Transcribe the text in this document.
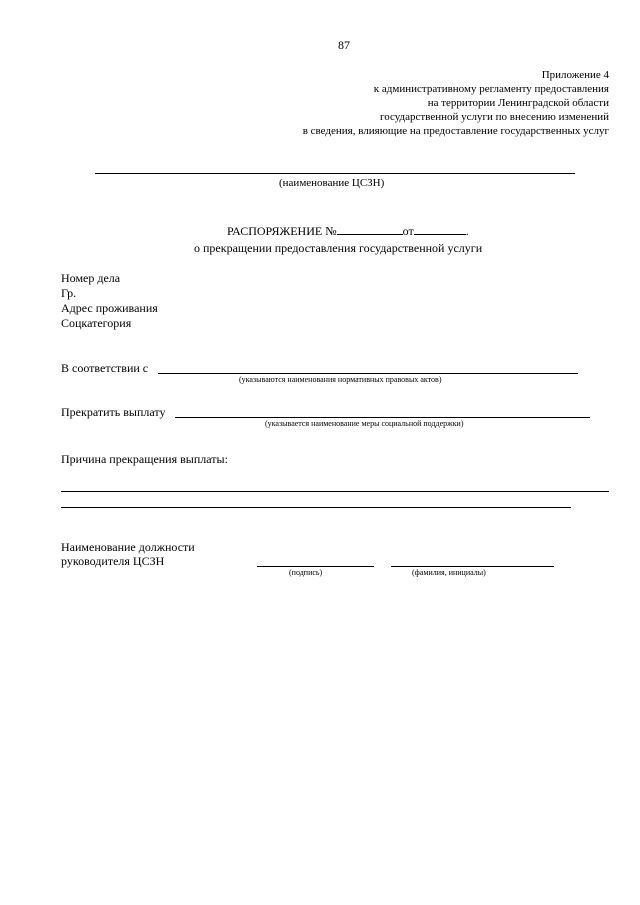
87
Приложение 4
к административному регламенту предоставления
на территории Ленинградской области
государственной услуги по внесению изменений
в сведения, влияющие на предоставление государственных услуг
(наименование ЦСЗН)
РАСПОРЯЖЕНИЕ №	от	.
о прекращении предоставления государственной услуги
Номер дела
Гр.
Адрес проживания
Соцкатегория
В соответствии с
(указываются наименования нормативных правовых актов)
Прекратить выплату
(указывается наименование меры социальной поддержки)
Причина прекращения выплаты:
Наименование должности
руководителя ЦСЗН
(подпись)	(фамилия, инициалы)
